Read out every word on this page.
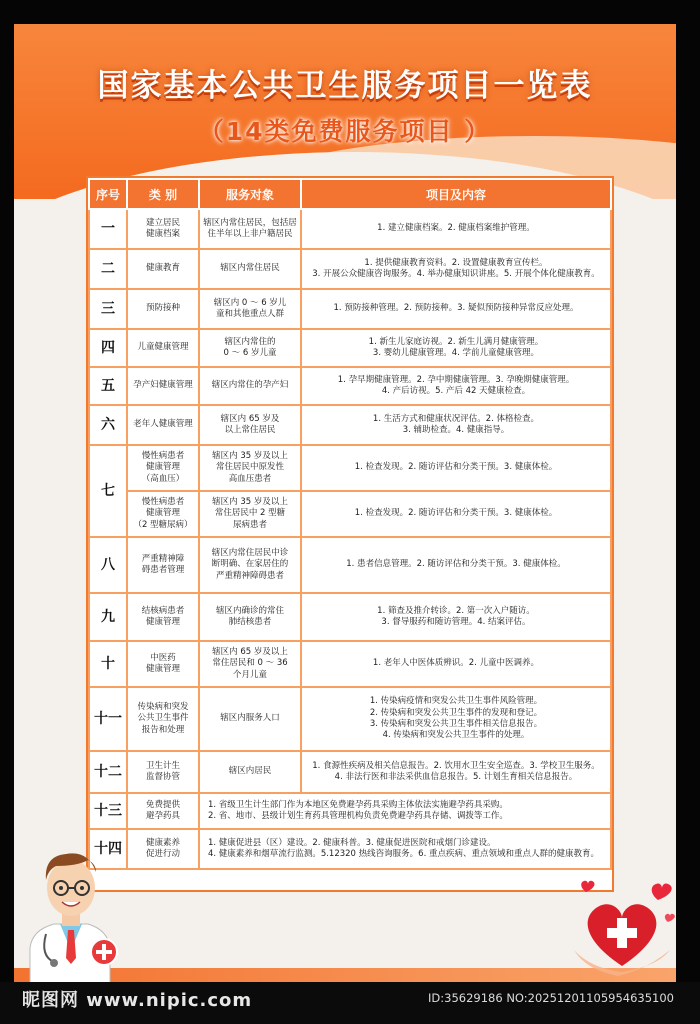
国家基本公共卫生服务项目一览表
（14类免费服务项目 ）
序号	类 别	服务对象	项目及内容
一	建立居民
健康档案	辖区内常住居民，包括居
住半年以上非户籍居民	1. 建立健康档案。2. 健康档案维护管理。

二	健康教育	辖区内常住居民	1. 提供健康教育资料。2. 设置健康教育宣传栏。
3. 开展公众健康咨询服务。4. 举办健康知识讲座。5. 开展个体化健康教育。

三	预防接种	辖区内 0 ～ 6 岁儿
童和其他重点人群	1. 预防接种管理。2. 预防接种。3. 疑似预防接种异常反应处理。

四	儿童健康管理	辖区内常住的
0 ～ 6 岁儿童	1. 新生儿家庭访视。2. 新生儿满月健康管理。
3. 婴幼儿健康管理。4. 学前儿童健康管理。

五	孕产妇健康管理	辖区内常住的孕产妇	1. 孕早期健康管理。2. 孕中期健康管理。3. 孕晚期健康管理。
4. 产后访视。5. 产后 42 天健康检查。

六	老年人健康管理	辖区内 65 岁及
以上常住居民	1. 生活方式和健康状况评估。2. 体格检查。
3. 辅助检查。4. 健康指导。

七	慢性病患者
健康管理
（高血压）	辖区内 35 岁及以上
常住居民中原发性
高血压患者	1. 检查发现。2. 随访评估和分类干预。3. 健康体检。

	慢性病患者
健康管理
（2 型糖尿病）	辖区内 35 岁及以上
常住居民中 2 型糖
尿病患者	1. 检查发现。2. 随访评估和分类干预。3. 健康体检。

八	严重精神障
碍患者管理	辖区内常住居民中诊
断明确、在家居住的
严重精神障碍患者	1. 患者信息管理。2. 随访评估和分类干预。3. 健康体检。

九	结核病患者
健康管理	辖区内确诊的常住
肺结核患者	1. 筛查及推介转诊。2. 第一次入户随访。
3. 督导服药和随访管理。4. 结案评估。

十	中医药
健康管理	辖区内 65 岁及以上
常住居民和 0 ～ 36
个月儿童	1. 老年人中医体质辨识。2. 儿童中医调养。

十一	传染病和突发
公共卫生事件
报告和处理	辖区内服务人口	1. 传染病疫情和突发公共卫生事件风险管理。
2. 传染病和突发公共卫生事件的发现和登记。
3. 传染病和突发公共卫生事件相关信息报告。
4. 传染病和突发公共卫生事件的处理。

十二	卫生计生
监督协管	辖区内居民	1. 食源性疾病及相关信息报告。2. 饮用水卫生安全巡查。3. 学校卫生服务。
4. 非法行医和非法采供血信息报告。5. 计划生育相关信息报告。

十三	免费提供
避孕药具	1. 省级卫生计生部门作为本地区免费避孕药具采购主体依法实施避孕药具采购。
2. 省、地市、县级计划生育药具管理机构负责免费避孕药具存储、调拨等工作。	

十四	健康素养
促进行动	1. 健康促进县（区）建设。2. 健康科普。3. 健康促进医院和戒烟门诊建设。
4. 健康素养和烟草流行监测。5.12320 热线咨询服务。6. 重点疾病、重点领域和重点人群的健康教育。	
昵图网 www.nipic.com	ID:35629186 NO:20251201105954635100
